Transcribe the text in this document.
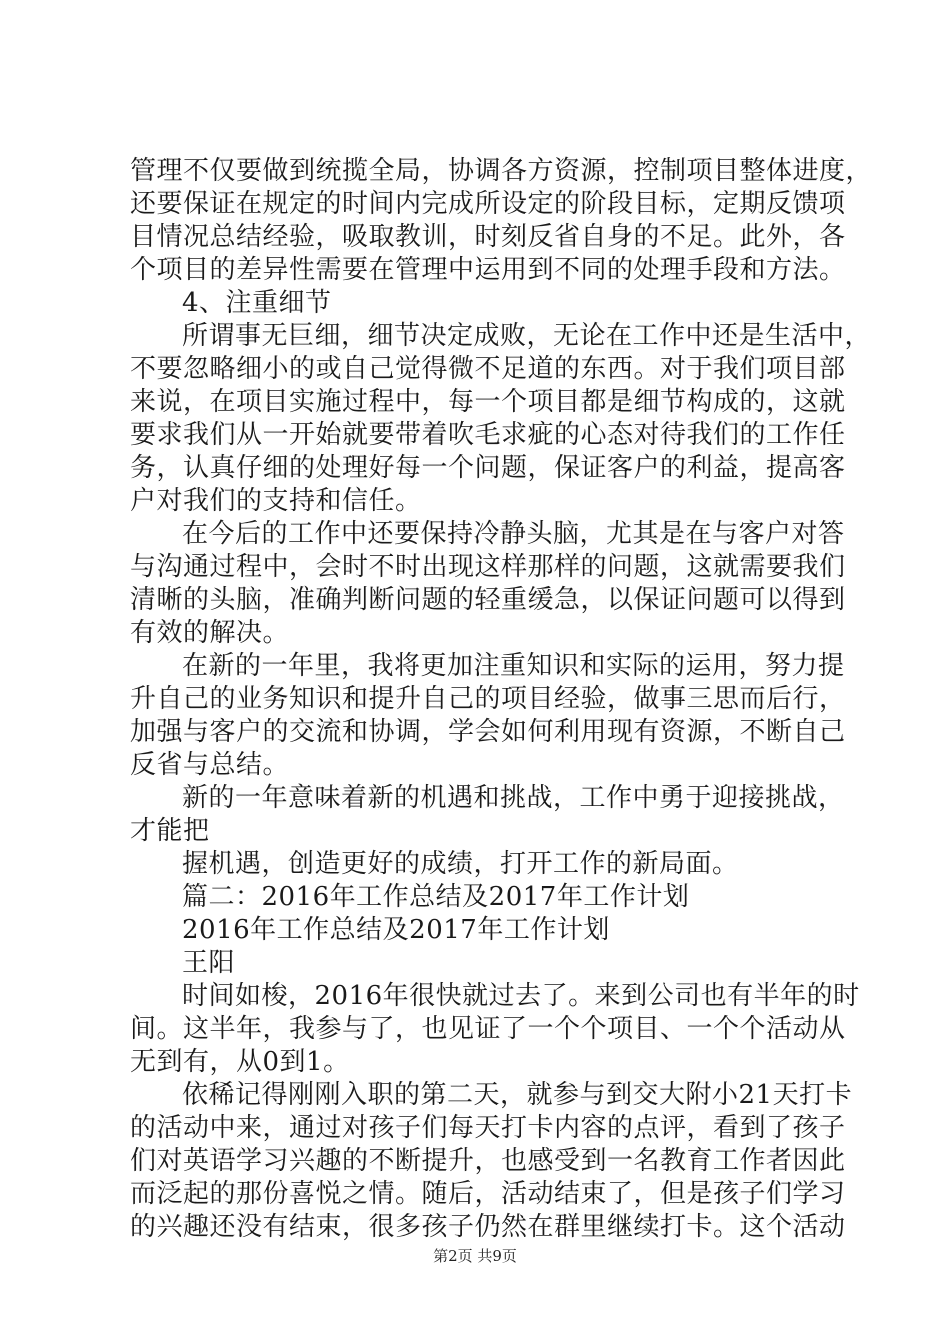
管理不仅要做到统揽全局，协调各方资源，控制项目整体进度，
还要保证在规定的时间内完成所设定的阶段目标，定期反馈项
目情况总结经验，吸取教训，时刻反省自身的不足。此外，各
个项目的差异性需要在管理中运用到不同的处理手段和方法。
4、注重细节
所谓事无巨细，细节决定成败，无论在工作中还是生活中，
不要忽略细小的或自己觉得微不足道的东西。对于我们项目部
来说，在项目实施过程中，每一个项目都是细节构成的，这就
要求我们从一开始就要带着吹毛求疵的心态对待我们的工作任
务，认真仔细的处理好每一个问题，保证客户的利益，提高客
户对我们的支持和信任。
在今后的工作中还要保持冷静头脑，尤其是在与客户对答
与沟通过程中，会时不时出现这样那样的问题，这就需要我们
清晰的头脑，准确判断问题的轻重缓急，以保证问题可以得到
有效的解决。
在新的一年里，我将更加注重知识和实际的运用，努力提
升自己的业务知识和提升自己的项目经验，做事三思而后行，
加强与客户的交流和协调，学会如何利用现有资源，不断自己
反省与总结。
新的一年意味着新的机遇和挑战，工作中勇于迎接挑战，
才能把
握机遇，创造更好的成绩，打开工作的新局面。
篇二：2016年工作总结及2017年工作计划
2016年工作总结及2017年工作计划
王阳
时间如梭，2016年很快就过去了。来到公司也有半年的时
间。这半年，我参与了，也见证了一个个项目、一个个活动从
无到有，从0到1。
依稀记得刚刚入职的第二天，就参与到交大附小21天打卡
的活动中来，通过对孩子们每天打卡内容的点评，看到了孩子
们对英语学习兴趣的不断提升，也感受到一名教育工作者因此
而泛起的那份喜悦之情。随后，活动结束了，但是孩子们学习
的兴趣还没有结束，很多孩子仍然在群里继续打卡。这个活动
第2页 共9页
